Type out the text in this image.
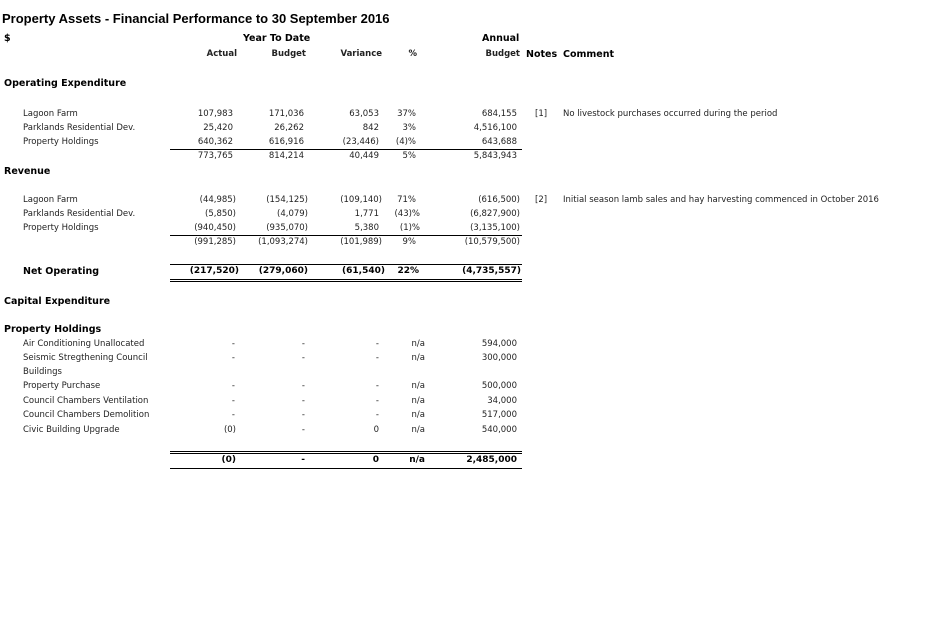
Property Assets - Financial Performance to 30 September 2016
$	Year To Date	Annual
Actual	Budget	Variance	%	Budget Notes Comment
Operating Expenditure
Lagoon Farm	107,983	171,036	63,053 37%	684,155 [1] No livestock purchases occurred during the period
Parklands Residential Dev.	25,420	26,262	842	3%	4,516,100
Property Holdings	640,362	616,916	(23,446) (4)%	643,688
773,765	814,214	40,449	5%	5,843,943
Revenue
Lagoon Farm	(44,985)	(154,125)	(109,140) 71%	(616,500) [2] Initial season lamb sales and hay harvesting commenced in October 2016
Parklands Residential Dev.	(5,850)	(4,079)	1,771 (43)%	(6,827,900)
Property Holdings	(940,450)	(935,070)	5,380 (1)%	(3,135,100)
(991,285)	(1,093,274)	(101,989) 9%	(10,579,500)
Net Operating	(217,520) (279,060)	(61,540) 22%	(4,735,557)
Capital Expenditure
Property Holdings
Air Conditioning Unallocated	-	-	-	n/a	594,000
Seismic Stregthening Council
Buildings
-	-	-	n/a	300,000
Property Purchase	-	-	-	n/a	500,000
Council Chambers Ventilation	-	-	-	n/a	34,000
Council Chambers Demolition	-	-	-	n/a	517,000
Civic Building Upgrade	(0)	-	0	n/a	540,000
(0)	-	0	n/a	2,485,000
